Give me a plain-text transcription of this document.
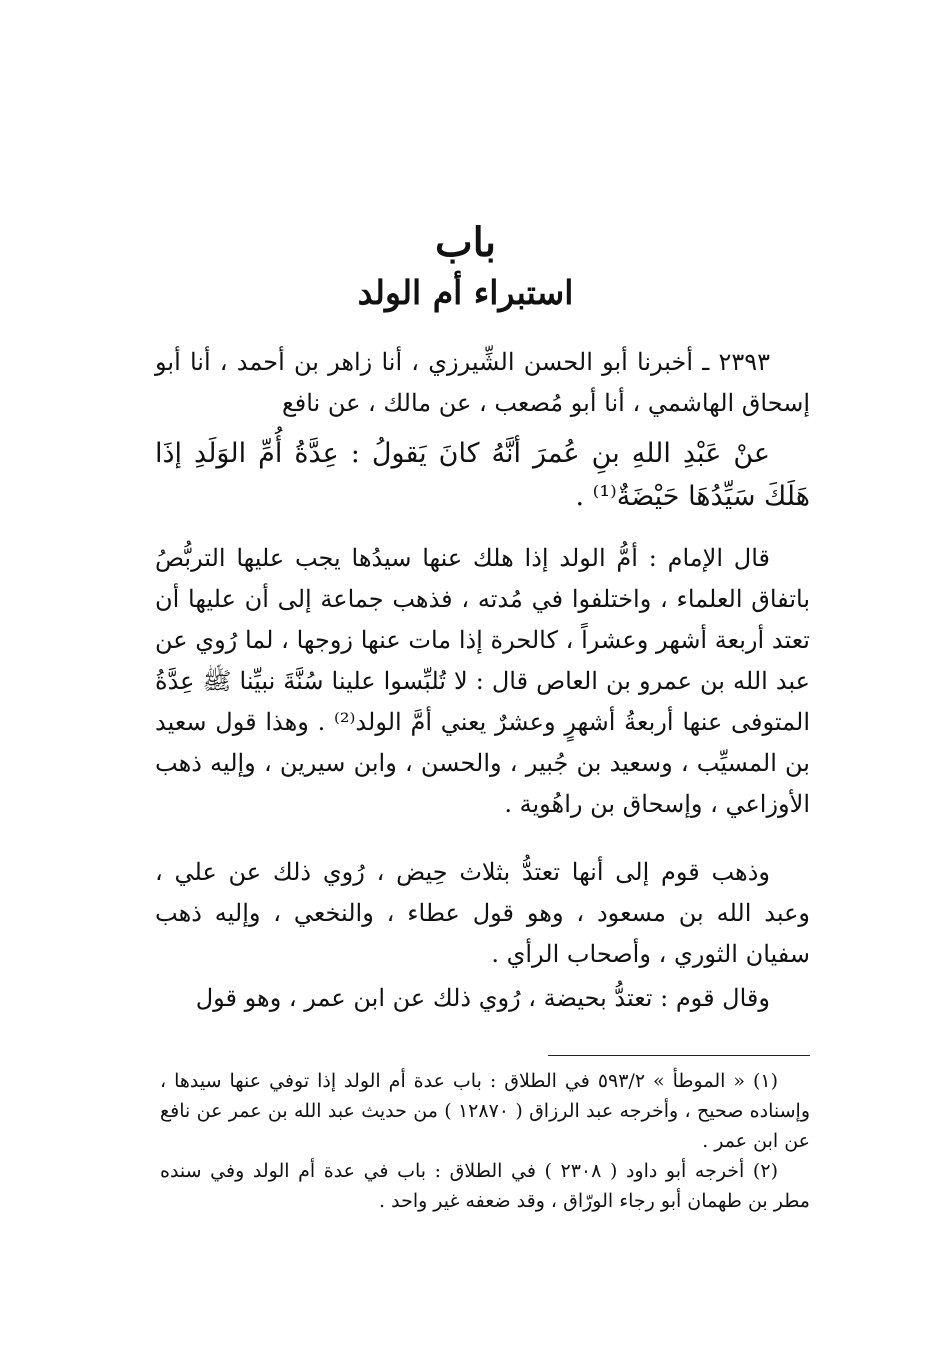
باب
استبراء أم الولد

٢٣٩٣ ـ أخبرنا أبو الحسن الشِّيرزي ، أنا زاهر بن أحمد ، أنا أبو إسحاق الهاشمي ، أنا أبو مُصعب ، عن مالك ، عن نافع

عنْ عَبْدِ اللهِ بنِ عُمرَ أنَّهُ كانَ يَقولُ : عِدَّةُ أُمِّ الوَلَدِ إذَا هَلَكَ سَيِّدُهَا حَيْضَةٌ⁽¹⁾ .

قال الإمام : أمُّ الولد إذا هلك عنها سيدُها يجب عليها التربُّصُ باتفاق العلماء ، واختلفوا في مُدته ، فذهب جماعة إلى أن عليها أن تعتد أربعة أشهر وعشراً ، كالحرة إذا مات عنها زوجها ، لما رُوي عن عبد الله بن عمرو بن العاص قال : لا تُلبِّسوا علينا سُنَّةَ نبيِّنا ﷺ عِدَّةُ المتوفى عنها أربعةُ أشهرٍ وعشرٌ يعني أمَّ الولد⁽²⁾ . وهذا قول سعيد بن المسيِّب ، وسعيد بن جُبير ، والحسن ، وابن سيرين ، وإليه ذهب الأوزاعي ، وإسحاق بن راهُوية .

وذهب قوم إلى أنها تعتدُّ بثلاث حِيض ، رُوي ذلك عن علي ، وعبد الله بن مسعود ، وهو قول عطاء ، والنخعي ، وإليه ذهب سفيان الثوري ، وأصحاب الرأي .

وقال قوم : تعتدُّ بحيضة ، رُوي ذلك عن ابن عمر ، وهو قول

(١) « الموطأ » ٥٩٣/٢ في الطلاق : باب عدة أم الولد إذا توفي عنها سيدها ، وإسناده صحيح ، وأخرجه عبد الرزاق ( ١٢٨٧٠ ) من حديث عبد الله بن عمر عن نافع عن ابن عمر .

(٢) أخرجه أبو داود ( ٢٣٠٨ ) في الطلاق : باب في عدة أم الولد وفي سنده مطر بن طهمان أبو رجاء الورّاق ، وقد ضعفه غير واحد .
